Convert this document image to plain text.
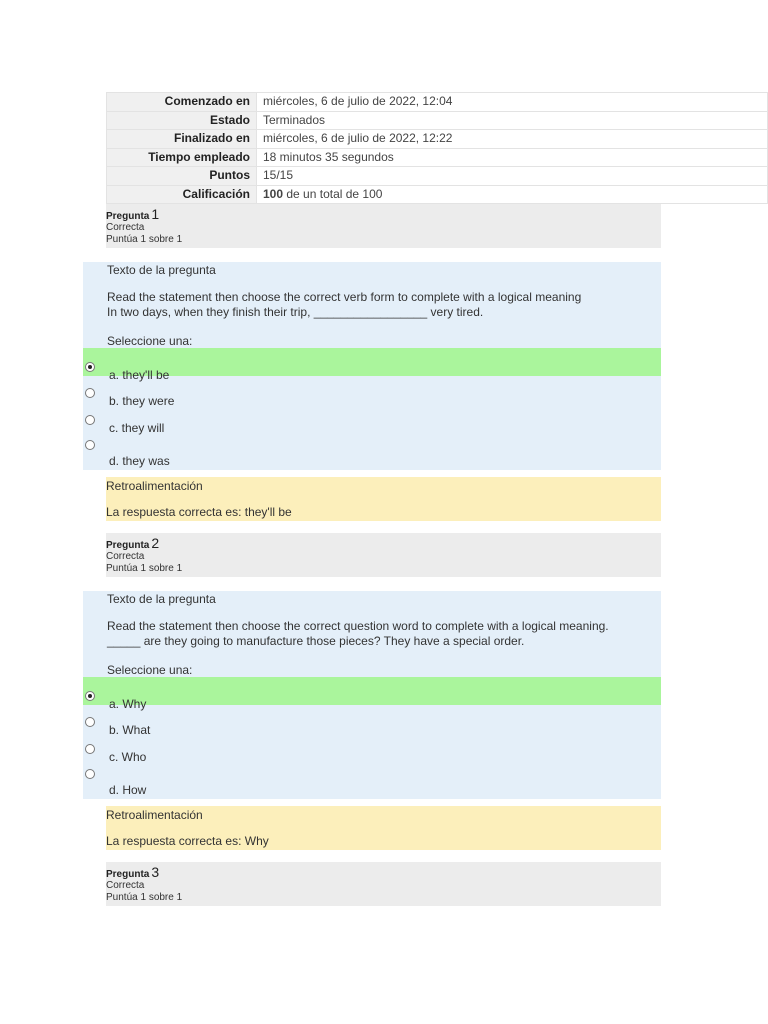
Comenzado en	miércoles, 6 de julio de 2022, 12:04
Estado	Terminados
Finalizado en	miércoles, 6 de julio de 2022, 12:22
Tiempo empleado	18 minutos 35 segundos
Puntos	15/15
Calificación	100 de un total de 100
Pregunta 1
Correcta
Puntúa 1 sobre 1
Texto de la pregunta
Read the statement then choose the correct verb form to complete with a logical meaning
In two days, when they finish their trip, _________________ very tired.
Seleccione una:
a. they'll be
b. they were
c. they will
d. they was
Retroalimentación
La respuesta correcta es: they'll be
Pregunta 2
Correcta
Puntúa 1 sobre 1
Texto de la pregunta
Read the statement then choose the correct question word to complete with a logical meaning.
_____ are they going to manufacture those pieces? They have a special order.
Seleccione una:
a. Why
b. What
c. Who
d. How
Retroalimentación
La respuesta correcta es: Why
Pregunta 3
Correcta
Puntúa 1 sobre 1
